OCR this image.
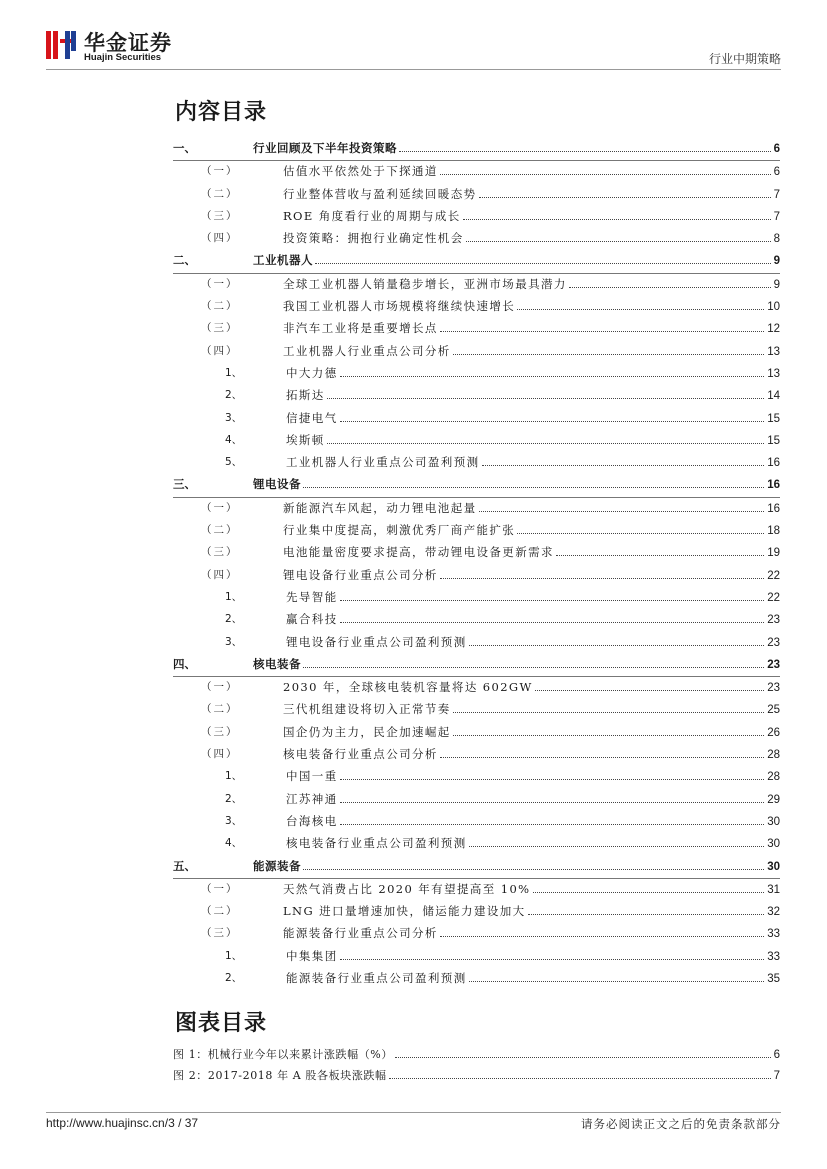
华金证券
Huajin Securities	行业中期策略
内容目录
一、	行业回顾及下半年投资策略	6
（一）	估值水平依然处于下探通道	6
（二）	行业整体营收与盈利延续回暖态势	7
（三）	ROE 角度看行业的周期与成长	7
（四）	投资策略：拥抱行业确定性机会	8
二、	工业机器人	9
（一）	全球工业机器人销量稳步增长，亚洲市场最具潜力	9
（二）	我国工业机器人市场规模将继续快速增长	10
（三）	非汽车工业将是重要增长点	12
（四）	工业机器人行业重点公司分析	13
1、	中大力德	13
2、	拓斯达	14
3、	信捷电气	15
4、	埃斯顿	15
5、	工业机器人行业重点公司盈利预测	16
三、	锂电设备	16
（一）	新能源汽车风起，动力锂电池起量	16
（二）	行业集中度提高，刺激优秀厂商产能扩张	18
（三）	电池能量密度要求提高，带动锂电设备更新需求	19
（四）	锂电设备行业重点公司分析	22
1、	先导智能	22
2、	赢合科技	23
3、	锂电设备行业重点公司盈利预测	23
四、	核电装备	23
（一）	2030 年，全球核电装机容量将达 602GW	23
（二）	三代机组建设将切入正常节奏	25
（三）	国企仍为主力，民企加速崛起	26
（四）	核电装备行业重点公司分析	28
1、	中国一重	28
2、	江苏神通	29
3、	台海核电	30
4、	核电装备行业重点公司盈利预测	30
五、	能源装备	30
（一）	天然气消费占比 2020 年有望提高至 10%	31
（二）	LNG 进口量增速加快，储运能力建设加大	32
（三）	能源装备行业重点公司分析	33
1、	中集集团	33
2、	能源装备行业重点公司盈利预测	35
图表目录
图 1：机械行业今年以来累计涨跌幅（%）	6
图 2：2017-2018 年 A 股各板块涨跌幅	7
http://www.huajinsc.cn/3 / 37	请务必阅读正文之后的免责条款部分
